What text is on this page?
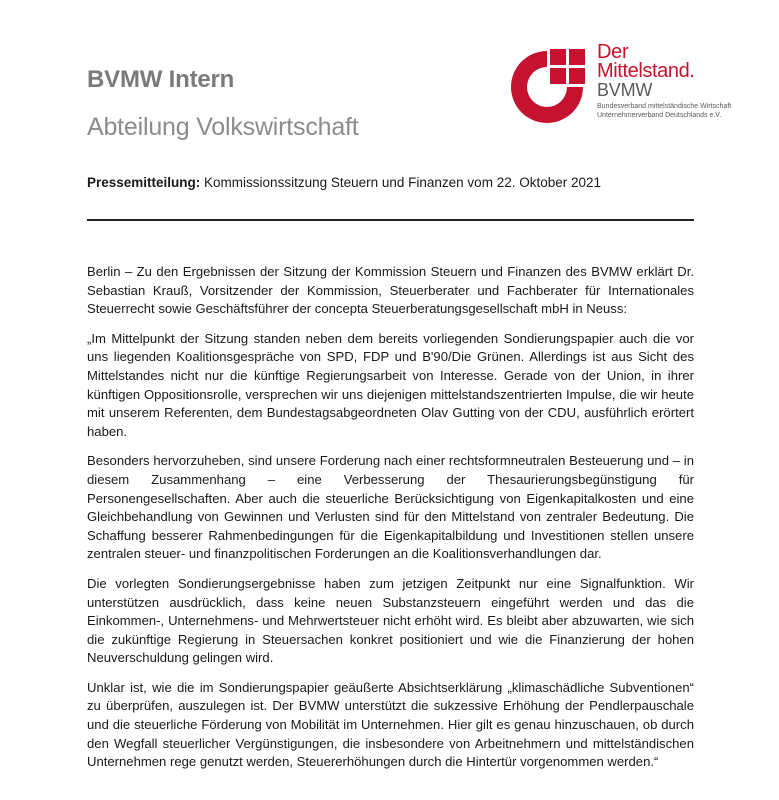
BVMW Intern
Abteilung Volkswirtschaft
Der
Mittelstand.
BVMW
Bundesverband mittelständische Wirtschaft
Unternehmerverband Deutschlands e.V.
Pressemitteilung: Kommissionssitzung Steuern und Finanzen vom 22. Oktober 2021

Berlin – Zu den Ergebnissen der Sitzung der Kommission Steuern und Finanzen des BVMW erklärt Dr. Sebastian Krauß, Vorsitzender der Kommission, Steuerberater und Fachberater für Internationales Steuerrecht sowie Geschäftsführer der concepta Steuerberatungsgesellschaft mbH in Neuss:

„Im Mittelpunkt der Sitzung standen neben dem bereits vorliegenden Sondierungspapier auch die vor uns liegenden Koalitionsgespräche von SPD, FDP und B'90/Die Grünen. Allerdings ist aus Sicht des Mittelstandes nicht nur die künftige Regierungsarbeit von Interesse. Gerade von der Union, in ihrer künftigen Oppositionsrolle, versprechen wir uns diejenigen mittelstandszentrierten Impulse, die wir heute mit unserem Referenten, dem Bundestagsabgeordneten Olav Gutting von der CDU, ausführlich erörtert haben.

Besonders hervorzuheben, sind unsere Forderung nach einer rechtsformneutralen Besteuerung und – in diesem Zusammenhang – eine Verbesserung der Thesaurierungsbegünstigung für Personengesellschaften. Aber auch die steuerliche Berücksichtigung von Eigenkapitalkosten und eine Gleichbehandlung von Gewinnen und Verlusten sind für den Mittelstand von zentraler Bedeutung. Die Schaffung besserer Rahmenbedingungen für die Eigenkapitalbildung und Investitionen stellen unsere zentralen steuer- und finanzpolitischen Forderungen an die Koalitionsverhandlungen dar.

Die vorlegten Sondierungsergebnisse haben zum jetzigen Zeitpunkt nur eine Signalfunktion. Wir unterstützen ausdrücklich, dass keine neuen Substanzsteuern eingeführt werden und das die Einkommen-, Unternehmens- und Mehrwertsteuer nicht erhöht wird. Es bleibt aber abzuwarten, wie sich die zukünftige Regierung in Steuersachen konkret positioniert und wie die Finanzierung der hohen Neuverschuldung gelingen wird.

Unklar ist, wie die im Sondierungspapier geäußerte Absichtserklärung „klimaschädliche Subventionen“ zu überprüfen, auszulegen ist. Der BVMW unterstützt die sukzessive Erhöhung der Pendlerpauschale und die steuerliche Förderung von Mobilität im Unternehmen. Hier gilt es genau hinzuschauen, ob durch den Wegfall steuerlicher Vergünstigungen, die insbesondere von Arbeitnehmern und mittelständischen Unternehmen rege genutzt werden, Steuererhöhungen durch die Hintertür vorgenommen werden.“
